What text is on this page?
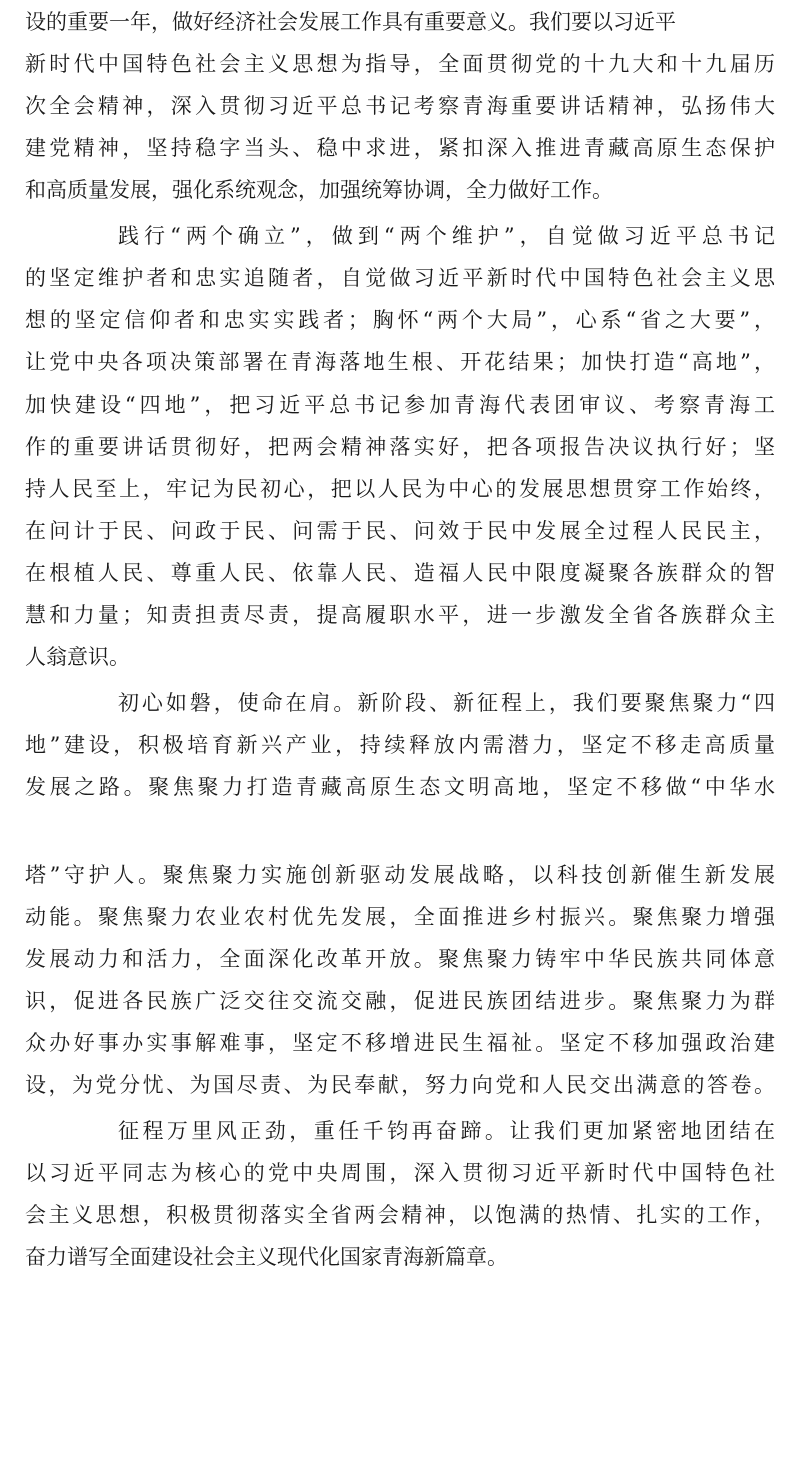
设的重要一年，做好经济社会发展工作具有重要意义。我们要以习近平
新时代中国特色社会主义思想为指导，全面贯彻党的十九大和十九届历
次全会精神，深入贯彻习近平总书记考察青海重要讲话精神，弘扬伟大
建党精神，坚持稳字当头、稳中求进，紧扣深入推进青藏高原生态保护
和高质量发展，强化系统观念，加强统筹协调，全力做好工作。
践行“两个确立”，做到“两个维护”，自觉做习近平总书记
的坚定维护者和忠实追随者，自觉做习近平新时代中国特色社会主义思
想的坚定信仰者和忠实实践者；胸怀“两个大局”，心系“省之大要”，
让党中央各项决策部署在青海落地生根、开花结果；加快打造“高地”，
加快建设“四地”，把习近平总书记参加青海代表团审议、考察青海工
作的重要讲话贯彻好，把两会精神落实好，把各项报告决议执行好；坚
持人民至上，牢记为民初心，把以人民为中心的发展思想贯穿工作始终，
在问计于民、问政于民、问需于民、问效于民中发展全过程人民民主，
在根植人民、尊重人民、依靠人民、造福人民中限度凝聚各族群众的智
慧和力量；知责担责尽责，提高履职水平，进一步激发全省各族群众主
人翁意识。
初心如磐，使命在肩。新阶段、新征程上，我们要聚焦聚力“四
地”建设，积极培育新兴产业，持续释放内需潜力，坚定不移走高质量
发展之路。聚焦聚力打造青藏高原生态文明高地，坚定不移做“中华水
塔”守护人。聚焦聚力实施创新驱动发展战略，以科技创新催生新发展
动能。聚焦聚力农业农村优先发展，全面推进乡村振兴。聚焦聚力增强
发展动力和活力，全面深化改革开放。聚焦聚力铸牢中华民族共同体意
识，促进各民族广泛交往交流交融，促进民族团结进步。聚焦聚力为群
众办好事办实事解难事，坚定不移增进民生福祉。坚定不移加强政治建
设，为党分忧、为国尽责、为民奉献，努力向党和人民交出满意的答卷。
征程万里风正劲，重任千钧再奋蹄。让我们更加紧密地团结在
以习近平同志为核心的党中央周围，深入贯彻习近平新时代中国特色社
会主义思想，积极贯彻落实全省两会精神，以饱满的热情、扎实的工作，
奋力谱写全面建设社会主义现代化国家青海新篇章。
